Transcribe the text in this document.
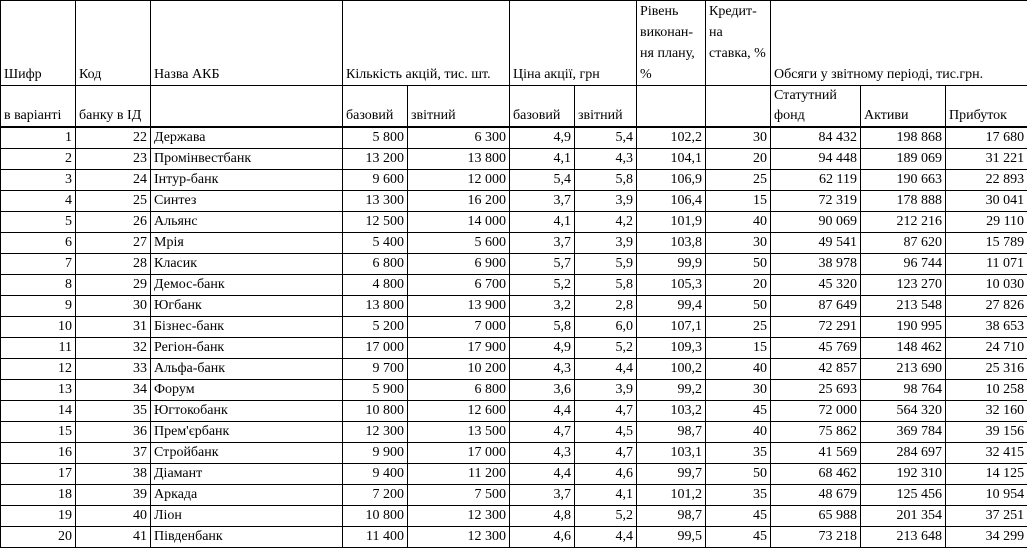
Шифр	Код	Назва АКБ	Кількість акцій, тис. шт.		Ціна акції, грн		Рівень виконан-ня плану, %	Кредит-на ставка, %	Обсяги у звітному періоді, тис.грн.		
в варіанті	банку в ІД		базовий	звітний	базовий	звітний			Статутний фонд	Активи	Прибуток
1	22	Держава	5 800	6 300	4,9	5,4	102,2	30	84 432	198 868	17 680
2	23	Промінвестбанк	13 200	13 800	4,1	4,3	104,1	20	94 448	189 069	31 221
3	24	Інтур-банк	9 600	12 000	5,4	5,8	106,9	25	62 119	190 663	22 893
4	25	Синтез	13 300	16 200	3,7	3,9	106,4	15	72 319	178 888	30 041
5	26	Альянс	12 500	14 000	4,1	4,2	101,9	40	90 069	212 216	29 110
6	27	Мрія	5 400	5 600	3,7	3,9	103,8	30	49 541	87 620	15 789
7	28	Класик	6 800	6 900	5,7	5,9	99,9	50	38 978	96 744	11 071
8	29	Демос-банк	4 800	6 700	5,2	5,8	105,3	20	45 320	123 270	10 030
9	30	Югбанк	13 800	13 900	3,2	2,8	99,4	50	87 649	213 548	27 826
10	31	Бізнес-банк	5 200	7 000	5,8	6,0	107,1	25	72 291	190 995	38 653
11	32	Регіон-банк	17 000	17 900	4,9	5,2	109,3	15	45 769	148 462	24 710
12	33	Альфа-банк	9 700	10 200	4,3	4,4	100,2	40	42 857	213 690	25 316
13	34	Форум	5 900	6 800	3,6	3,9	99,2	30	25 693	98 764	10 258
14	35	Югтокобанк	10 800	12 600	4,4	4,7	103,2	45	72 000	564 320	32 160
15	36	Прем'єрбанк	12 300	13 500	4,7	4,5	98,7	40	75 862	369 784	39 156
16	37	Стройбанк	9 900	17 000	4,3	4,7	103,1	35	41 569	284 697	32 415
17	38	Діамант	9 400	11 200	4,4	4,6	99,7	50	68 462	192 310	14 125
18	39	Аркада	7 200	7 500	3,7	4,1	101,2	35	48 679	125 456	10 954
19	40	Ліон	10 800	12 300	4,8	5,2	98,7	45	65 988	201 354	37 251
20	41	Південбанк	11 400	12 300	4,6	4,4	99,5	45	73 218	213 648	34 299
